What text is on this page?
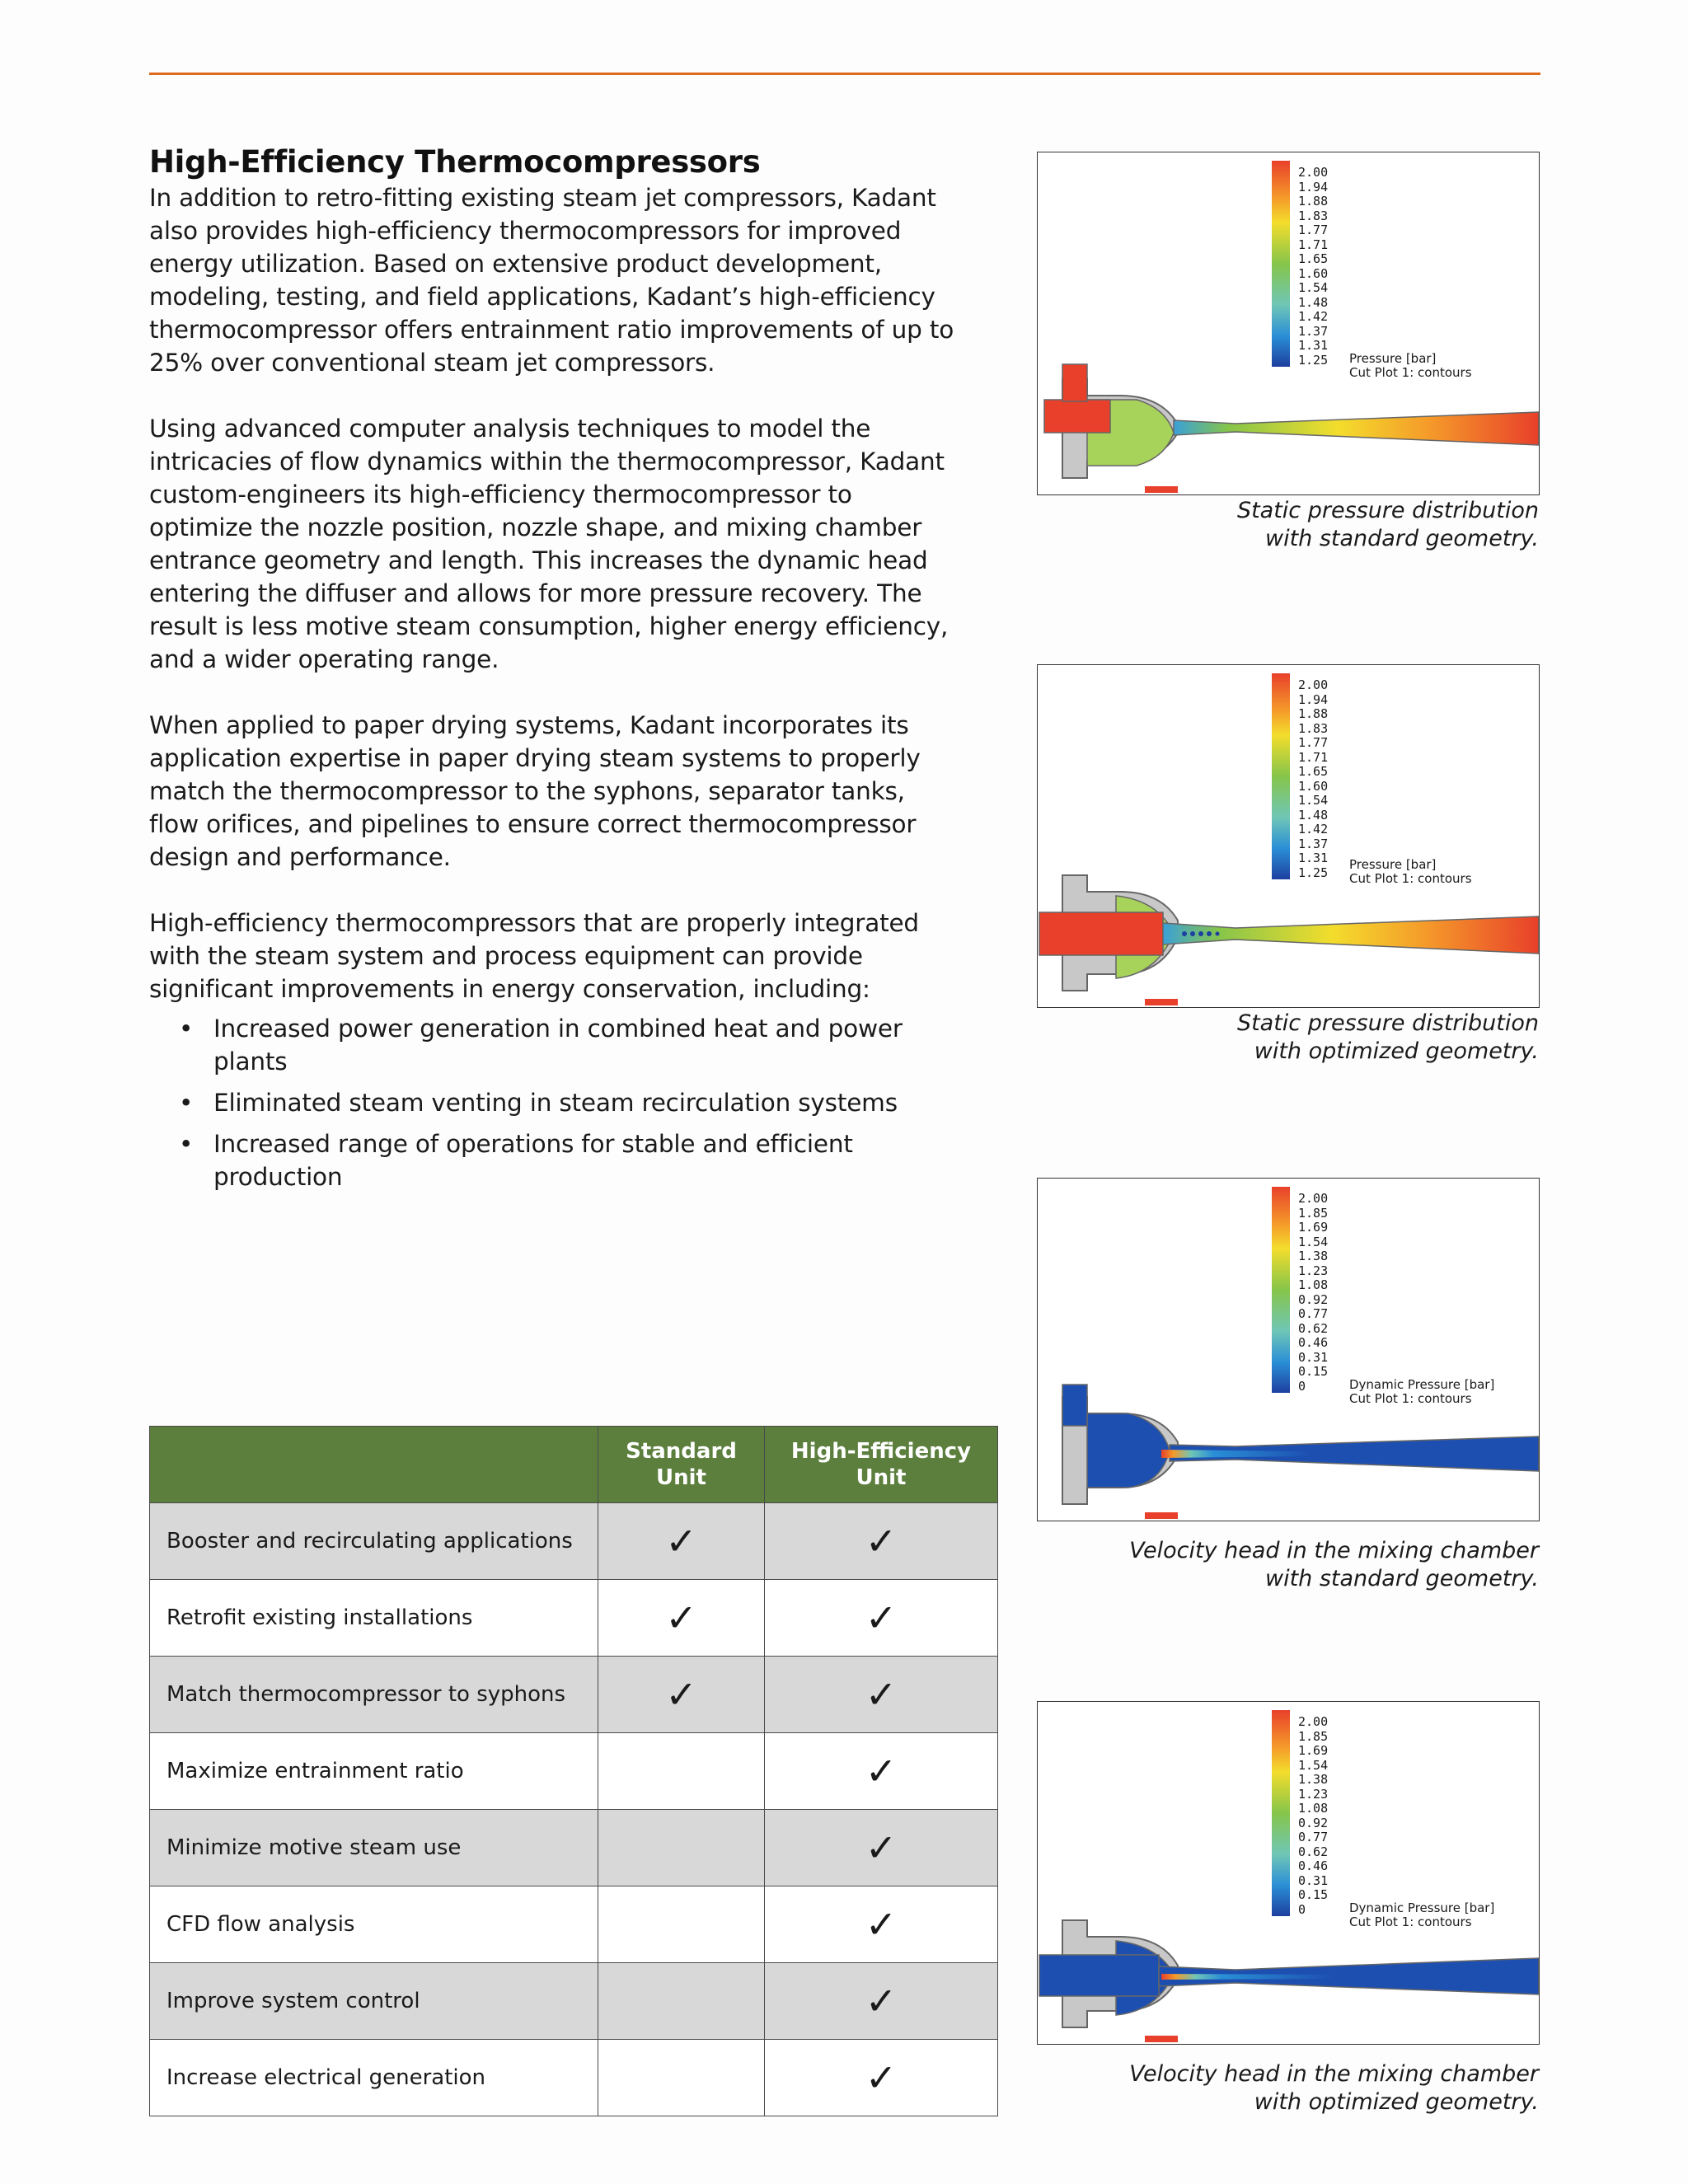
High-Efficiency Thermocompressors

In addition to retro-fitting existing steam jet compressors, Kadant also provides high-efficiency thermocompressors for improved energy utilization. Based on extensive product development, modeling, testing, and field applications, Kadant’s high-efficiency thermocompressor offers entrainment ratio improvements of up to 25% over conventional steam jet compressors.

Using advanced computer analysis techniques to model the intricacies of flow dynamics within the thermocompressor, Kadant custom-engineers its high-efficiency thermocompressor to optimize the nozzle position, nozzle shape, and mixing chamber entrance geometry and length. This increases the dynamic head entering the diffuser and allows for more pressure recovery. The result is less motive steam consumption, higher energy efficiency, and a wider operating range.

When applied to paper drying systems, Kadant incorporates its application expertise in paper drying steam systems to properly match the thermocompressor to the syphons, separator tanks, flow orifices, and pipelines to ensure correct thermocompressor design and performance.

High-efficiency thermocompressors that are properly integrated with the steam system and process equipment can provide significant improvements in energy conservation, including:

• Increased power generation in combined heat and power plants
• Eliminated steam venting in steam recirculation systems
• Increased range of operations for stable and efficient production
	Standard Unit	High-Efficiency Unit
Booster and recirculating applications	✓	✓
Retrofit existing installations	✓	✓
Match thermocompressor to syphons	✓	✓
Maximize entrainment ratio		✓
Minimize motive steam use		✓
CFD flow analysis		✓
Improve system control		✓
Increase electrical generation		✓
2.00
1.94
1.88
1.83
1.77
1.71
1.65
1.60
1.54
1.48
1.42
1.37
1.31
1.25 Pressure [bar]
Cut Plot 1: contours
Static pressure distribution
with standard geometry.
2.00
1.94
1.88
1.83
1.77
1.71
1.65
1.60
1.54
1.48
1.42
1.37
1.31
1.25
Pressure [bar]
Cut Plot 1: contours
Static pressure distribution
with optimized geometry.
2.00
1.85
1.69
1.54
1.38
1.23
1.08
0.92
0.77
0.62
0.46
0.31
0.15
0	Dynamic Pressure [bar]
Cut Plot 1: contours
Velocity head in the mixing chamber
with standard geometry.
2.00
1.85
1.69
1.54
1.38
1.23
1.08
0.92
0.77
0.62
0.46
0.31
0.15
0	Dynamic Pressure [bar]
Cut Plot 1: contours
Velocity head in the mixing chamber
with optimized geometry.
